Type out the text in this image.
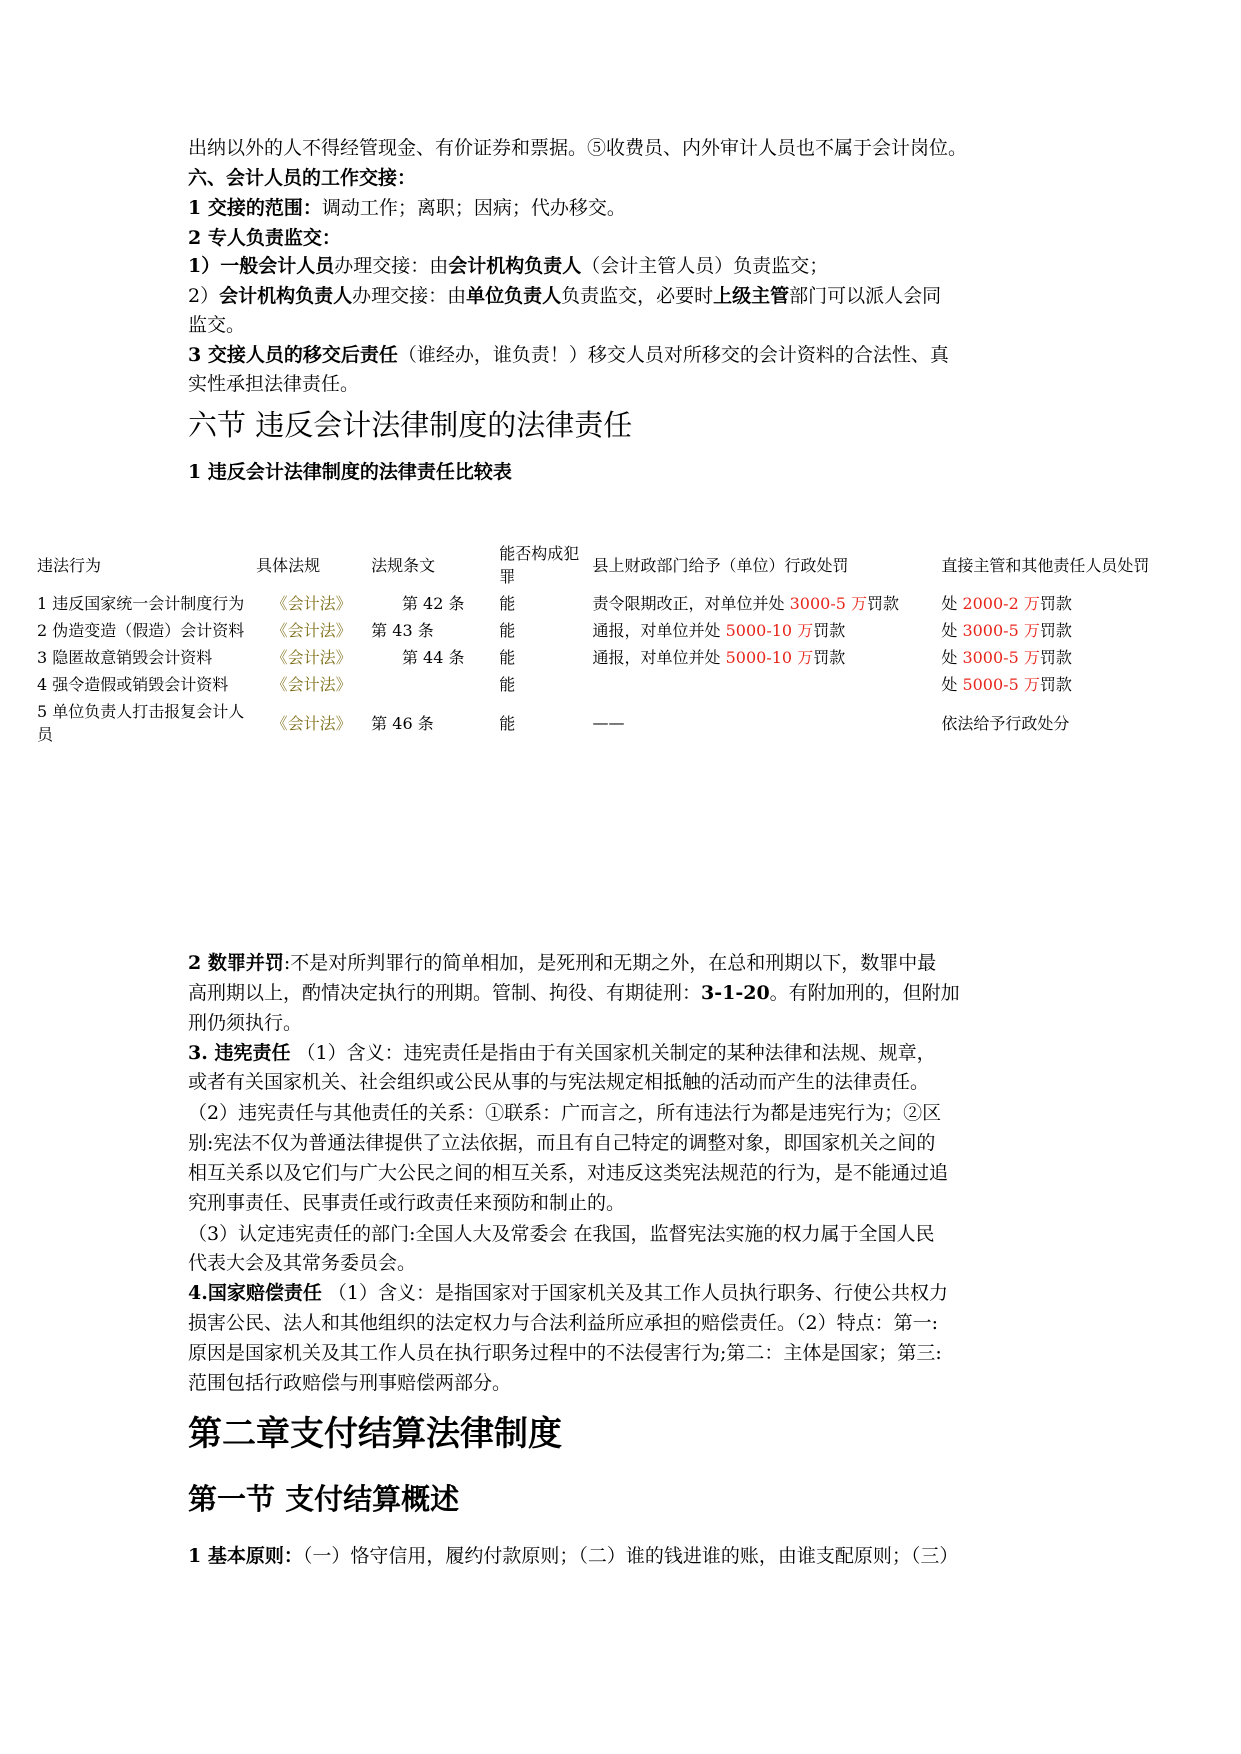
出纳以外的人不得经管现金、有价证券和票据。⑤收费员、内外审计人员也不属于会计岗位。
六、会计人员的工作交接：
1 交接的范围：调动工作；离职；因病；代办移交。
2 专人负责监交：
1）一般会计人员办理交接：由会计机构负责人（会计主管人员）负责监交；
2）会计机构负责人办理交接：由单位负责人负责监交，必要时上级主管部门可以派人会同
监交。
3 交接人员的移交后责任（谁经办，谁负责！）移交人员对所移交的会计资料的合法性、真
实性承担法律责任。
六节 违反会计法律制度的法律责任
1 违反会计法律制度的法律责任比较表
违法行为	具体法规	法规条文	能否构成犯罪	县上财政部门给予（单位）行政处罚	直接主管和其他责任人员处罚
1 违反国家统一会计制度行为	《会计法》	第 42 条	能	责令限期改正，对单位并处 3000-5 万罚款	处 2000-2 万罚款
2 伪造变造（假造）会计资料	《会计法》	第 43 条	能	通报，对单位并处 5000-10 万罚款	处 3000-5 万罚款
3 隐匿故意销毁会计资料	《会计法》	第 44 条	能	通报，对单位并处 5000-10 万罚款	处 3000-5 万罚款
4 强令造假或销毁会计资料	《会计法》		能		处 5000-5 万罚款
5 单位负责人打击报复会计人员	《会计法》	第 46 条	能	——	依法给予行政处分
2 数罪并罚:不是对所判罪行的简单相加，是死刑和无期之外，在总和刑期以下，数罪中最
高刑期以上，酌情决定执行的刑期。管制、拘役、有期徒刑：3-1-20。有附加刑的，但附加
刑仍须执行。
3. 违宪责任 （1）含义：违宪责任是指由于有关国家机关制定的某种法律和法规、规章，
或者有关国家机关、社会组织或公民从事的与宪法规定相抵触的活动而产生的法律责任。
（2）违宪责任与其他责任的关系：①联系：广而言之，所有违法行为都是违宪行为；②区
别:宪法不仅为普通法律提供了立法依据，而且有自己特定的调整对象，即国家机关之间的
相互关系以及它们与广大公民之间的相互关系，对违反这类宪法规范的行为，是不能通过追
究刑事责任、民事责任或行政责任来预防和制止的。
（3）认定违宪责任的部门:全国人大及常委会 在我国，监督宪法实施的权力属于全国人民
代表大会及其常务委员会。
4.国家赔偿责任 （1）含义：是指国家对于国家机关及其工作人员执行职务、行使公共权力
损害公民、法人和其他组织的法定权力与合法利益所应承担的赔偿责任。（2）特点：第一:
原因是国家机关及其工作人员在执行职务过程中的不法侵害行为;第二：主体是国家；第三:
范围包括行政赔偿与刑事赔偿两部分。
第二章支付结算法律制度
第一节 支付结算概述
1 基本原则：（一）恪守信用，履约付款原则；（二）谁的钱进谁的账，由谁支配原则；（三）
